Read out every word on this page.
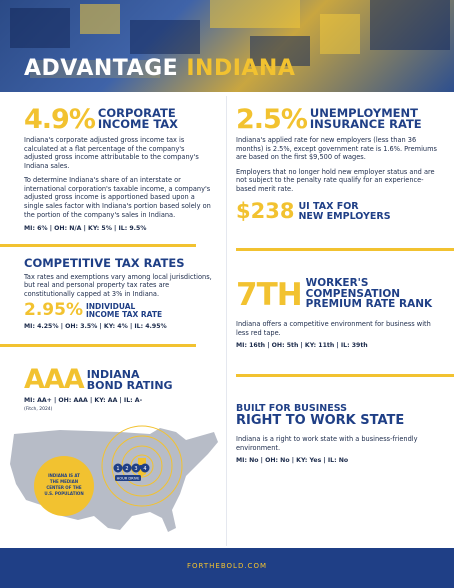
ADVANTAGE INDIANA
4.9% CORPORATE
INCOME TAX
Indiana's corporate adjusted gross income tax is calculated at a flat percentage of the company's adjusted gross income attributable to the company's Indiana sales.
To determine Indiana's share of an interstate or international corporation's taxable income, a company's adjusted gross income is apportioned based upon a single sales factor with Indiana's portion based solely on the portion of the company's sales in Indiana.
MI: 6% | OH: N/A | KY: 5% | IL: 9.5%
2.5% UNEMPLOYMENT
INSURANCE RATE
Indiana's applied rate for new employers (less than 36 months) is 2.5%, except government rate is 1.6%. Premiums are based on the first $9,500 of wages.
Employers that no longer hold new employer status and are not subject to the penalty rate qualify for an experience-based merit rate.
$238 UI TAX FOR
NEW EMPLOYERS
COMPETITIVE TAX RATES
Tax rates and exemptions vary among local jurisdictions, but real and personal property tax rates are constitutionally capped at 3% in Indiana.
2.95% INDIVIDUAL
INCOME TAX RATE
MI: 4.25% | OH: 3.5% | KY: 4% | IL: 4.95%
7TH WORKER'S
COMPENSATION
PREMIUM RATE RANK
Indiana offers a competitive environment for business with less red tape.
MI: 16th | OH: 5th | KY: 11th | IL: 39th
AAA INDIANA
BOND RATING
MI: AA+ | OH: AAA | KY: AA | IL: A-
(Fitch, 2024)
1 2 3 4
HOUR DRIVE
INDIANA IS AT
THE MEDIAN
CENTER OF THE
U.S. POPULATION
BUILT FOR BUSINESS
RIGHT TO WORK STATE
Indiana is a right to work state with a business-friendly environment.
MI: No | OH: No | KY: Yes | IL: No
FORTHEBOLD.COM
